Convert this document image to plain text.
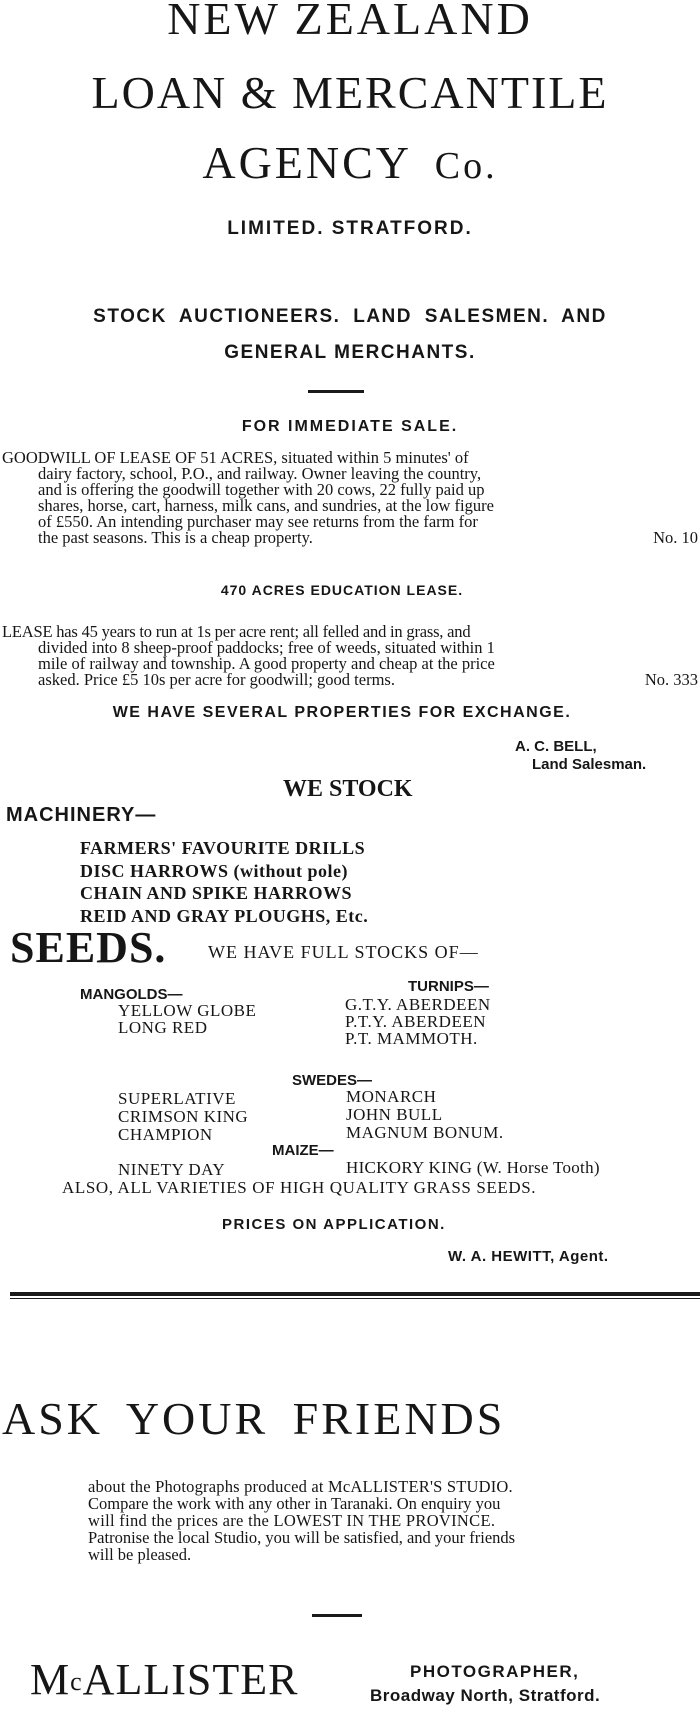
NEW ZEALAND
LOAN & MERCANTILE
AGENCY Co.
LIMITED. STRATFORD.
STOCK AUCTIONEERS. LAND SALESMEN. AND
GENERAL MERCHANTS.
FOR IMMEDIATE SALE.

GOODWILL OF LEASE OF 51 ACRES, situated within 5 minutes' of

dairy factory, school, P.O., and railway. Owner leaving the country,

and is offering the goodwill together with 20 cows, 22 fully paid up

shares, horse, cart, harness, milk cans, and sundries, at the low figure

of £550. An intending purchaser may see returns from the farm for

the past seasons. This is a cheap property.	No. 10

470 ACRES EDUCATION LEASE.

LEASE has 45 years to run at 1s per acre rent; all felled and in grass, and

divided into 8 sheep-proof paddocks; free of weeds, situated within 1

mile of railway and township. A good property and cheap at the price

asked. Price £5 10s per acre for goodwill; good terms.	No. 333

WE HAVE SEVERAL PROPERTIES FOR EXCHANGE.
A. C. BELL,
Land Salesman.
WE STOCK
MACHINERY—

FARMERS' FAVOURITE DRILLS

DISC HARROWS (without pole)

CHAIN AND SPIKE HARROWS

REID AND GRAY PLOUGHS, Etc.

SEEDS. WE HAVE FULL STOCKS OF—
MANGOLDS—

YELLOW GLOBE

LONG RED

TURNIPS—

G.T.Y. ABERDEEN

P.T.Y. ABERDEEN

P.T. MAMMOTH.

SWEDES—

SUPERLATIVE

CRIMSON KING

CHAMPION

MONARCH

JOHN BULL

MAGNUM BONUM.

MAIZE—
NINETY DAY	HICKORY KING (W. Horse Tooth)
ALSO, ALL VARIETIES OF HIGH QUALITY GRASS SEEDS.
PRICES ON APPLICATION.
W. A. HEWITT, Agent.
ASK YOUR FRIENDS

about the Photographs produced at McALLISTER'S STUDIO.

Compare the work with any other in Taranaki. On enquiry you

will find the prices are the LOWEST IN THE PROVINCE.

Patronise the local Studio, you will be satisfied, and your friends

will be pleased.

$M^cALLISTER$	PHOTOGRAPHER,
Broadway North, Stratford.
